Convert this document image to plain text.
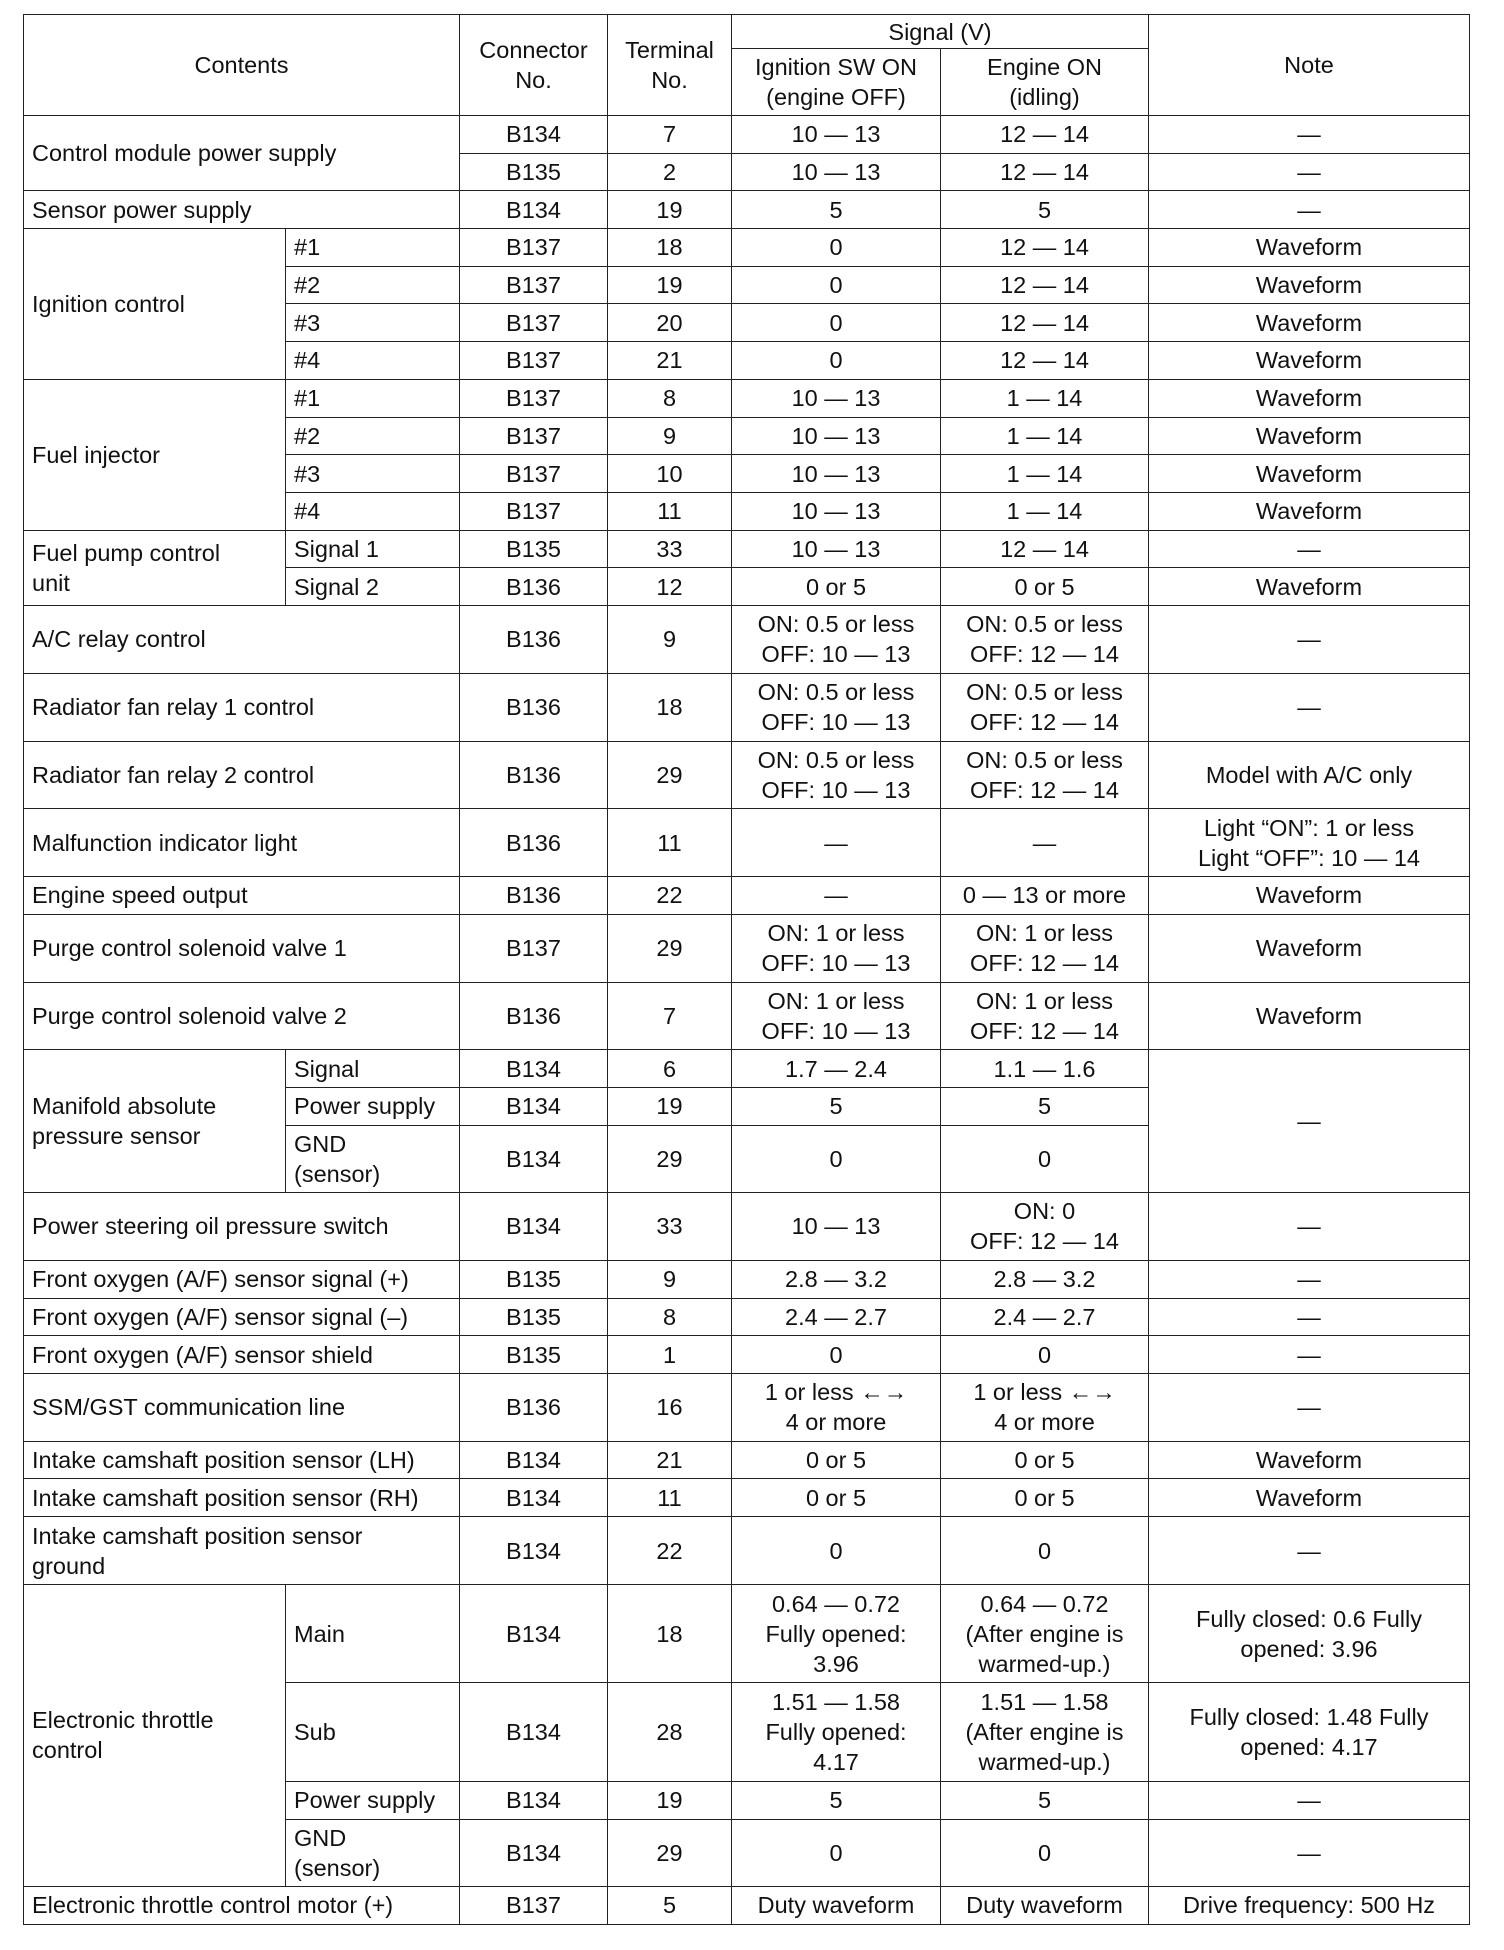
Contents		Connector
No.	Terminal
No.	Signal (V)		Note
				Ignition SW ON
(engine OFF)	Engine ON
(idling)	
Control module power supply		B134	7	10 — 13	12 — 14	—
		B135	2	10 — 13	12 — 14	—
Sensor power supply		B134	19	5	5	—
Ignition control	#1	B137	18	0	12 — 14	Waveform
	#2	B137	19	0	12 — 14	Waveform
	#3	B137	20	0	12 — 14	Waveform
	#4	B137	21	0	12 — 14	Waveform
Fuel injector	#1	B137	8	10 — 13	1 — 14	Waveform
	#2	B137	9	10 — 13	1 — 14	Waveform
	#3	B137	10	10 — 13	1 — 14	Waveform
	#4	B137	11	10 — 13	1 — 14	Waveform
Fuel pump control
unit	Signal 1	B135	33	10 — 13	12 — 14	—
	Signal 2	B136	12	0 or 5	0 or 5	Waveform
A/C relay control		B136	9	ON: 0.5 or less
OFF: 10 — 13	ON: 0.5 or less
OFF: 12 — 14	—
Radiator fan relay 1 control		B136	18	ON: 0.5 or less
OFF: 10 — 13	ON: 0.5 or less
OFF: 12 — 14	—
Radiator fan relay 2 control		B136	29	ON: 0.5 or less
OFF: 10 — 13	ON: 0.5 or less
OFF: 12 — 14	Model with A/C only
Malfunction indicator light		B136	11	—	—	Light “ON”: 1 or less
Light “OFF”: 10 — 14
Engine speed output		B136	22	—	0 — 13 or more	Waveform
Purge control solenoid valve 1		B137	29	ON: 1 or less
OFF: 10 — 13	ON: 1 or less
OFF: 12 — 14	Waveform
Purge control solenoid valve 2		B136	7	ON: 1 or less
OFF: 10 — 13	ON: 1 or less
OFF: 12 — 14	Waveform
Manifold absolute
pressure sensor	Signal	B134	6	1.7 — 2.4	1.1 — 1.6	—
	Power supply	B134	19	5	5	
	GND
(sensor)	B134	29	0	0	
Power steering oil pressure switch		B134	33	10 — 13	ON: 0
OFF: 12 — 14	—
Front oxygen (A/F) sensor signal (+)		B135	9	2.8 — 3.2	2.8 — 3.2	—
Front oxygen (A/F) sensor signal (–)		B135	8	2.4 — 2.7	2.4 — 2.7	—
Front oxygen (A/F) sensor shield		B135	1	0	0	—
SSM/GST communication line		B136	16	1 or less ←→
4 or more	1 or less ←→
4 or more	—
Intake camshaft position sensor (LH)		B134	21	0 or 5	0 or 5	Waveform
Intake camshaft position sensor (RH)		B134	11	0 or 5	0 or 5	Waveform
Intake camshaft position sensor
ground		B134	22	0	0	—
Electronic throttle
control	Main	B134	18	0.64 — 0.72
Fully opened: 3.96	0.64 — 0.72
(After engine is
warmed-up.)	Fully closed: 0.6 Fully
opened: 3.96
	Sub	B134	28	1.51 — 1.58
Fully opened: 4.17	1.51 — 1.58
(After engine is
warmed-up.)	Fully closed: 1.48 Fully
opened: 4.17
	Power supply	B134	19	5	5	—
	GND
(sensor)	B134	29	0	0	—
Electronic throttle control motor (+)		B137	5	Duty waveform	Duty waveform	Drive frequency: 500 Hz
